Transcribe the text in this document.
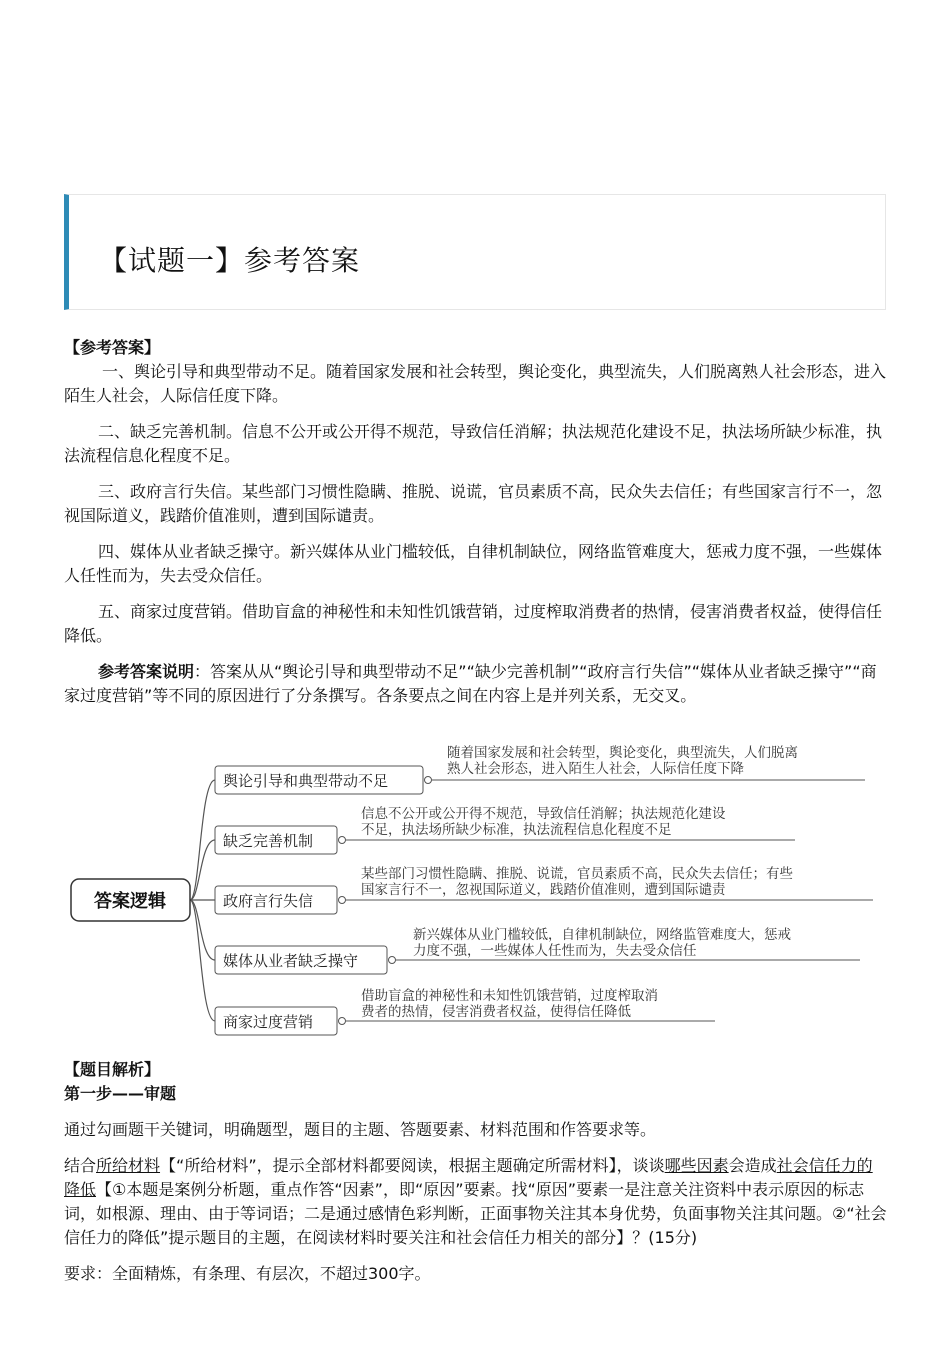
【试题一】参考答案

【参考答案】

一、舆论引导和典型带动不足。随着国家发展和社会转型，舆论变化，典型流失，人们脱离熟人社会形态，进入陌生人社会，人际信任度下降。

二、缺乏完善机制。信息不公开或公开得不规范，导致信任消解；执法规范化建设不足，执法场所缺少标准，执法流程信息化程度不足。

三、政府言行失信。某些部门习惯性隐瞒、推脱、说谎，官员素质不高，民众失去信任；有些国家言行不一，忽视国际道义，践踏价值准则，遭到国际谴责。

四、媒体从业者缺乏操守。新兴媒体从业门槛较低，自律机制缺位，网络监管难度大，惩戒力度不强，一些媒体人任性而为，失去受众信任。

五、商家过度营销。借助盲盒的神秘性和未知性饥饿营销，过度榨取消费者的热情，侵害消费者权益，使得信任降低。

参考答案说明：答案从从“舆论引导和典型带动不足”“缺少完善机制”“政府言行失信”“媒体从业者缺乏操守”“商家过度营销”等不同的原因进行了分条撰写。各条要点之间在内容上是并列关系，无交叉。

答案逻辑
舆论引导和典型带动不足
随着国家发展和社会转型，舆论变化，典型流失，人们脱离
熟人社会形态，进入陌生人社会，人际信任度下降
缺乏完善机制
信息不公开或公开得不规范，导致信任消解；执法规范化建设
不足，执法场所缺少标准，执法流程信息化程度不足
政府言行失信
某些部门习惯性隐瞒、推脱、说谎，官员素质不高，民众失去信任；有些
国家言行不一，忽视国际道义，践踏价值准则，遭到国际谴责
媒体从业者缺乏操守
新兴媒体从业门槛较低，自律机制缺位，网络监管难度大，惩戒
力度不强，一些媒体人任性而为，失去受众信任
商家过度营销
借助盲盒的神秘性和未知性饥饿营销，过度榨取消
费者的热情，侵害消费者权益，使得信任降低

【题目解析】

第一步——审题

通过勾画题干关键词，明确题型，题目的主题、答题要素、材料范围和作答要求等。

结合所给材料【“所给材料”，提示全部材料都要阅读，根据主题确定所需材料】，谈谈哪些因素会造成社会信任力的降低【①本题是案例分析题，重点作答“因素”，即“原因”要素。找“原因”要素一是注意关注资料中表示原因的标志词，如根源、理由、由于等词语；二是通过感情色彩判断，正面事物关注其本身优势，负面事物关注其问题。②“社会信任力的降低”提示题目的主题，在阅读材料时要关注和社会信任力相关的部分】？(15分)

要求：全面精炼，有条理、有层次，不超过300字。
